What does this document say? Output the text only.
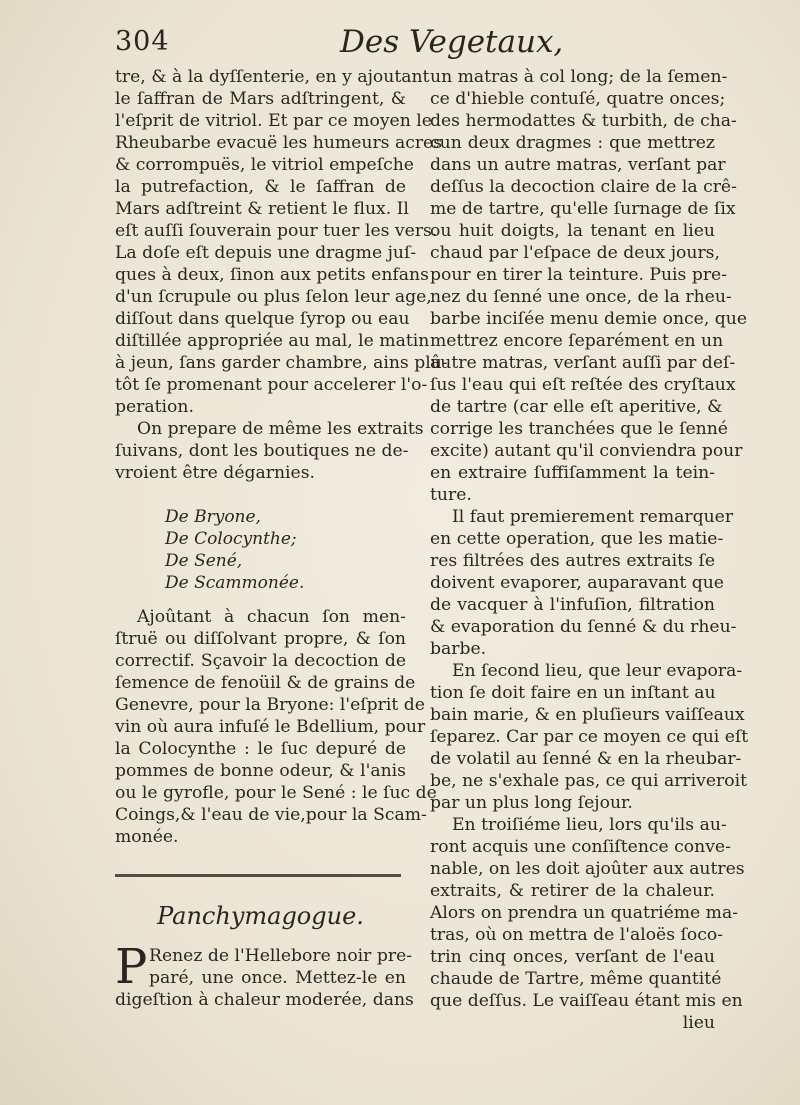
304	Des Vegetaux,
tre, & à la dyſſenterie, en y ajoutant
le ſaffran de Mars adſtringent, &
l'eſprit de vitriol. Et par ce moyen le
Rheubarbe evacuë les humeurs acres
& corrompuës, le vitriol empeſche
la putrefaction, & le ſaffran de
Mars adſtreint & retient le flux. Il
eſt auſſi ſouverain pour tuer les vers.
La doſe eſt depuis une dragme juſ-
ques à deux, ſinon aux petits enfans
d'un ſcrupule ou plus ſelon leur age,
diſſout dans quelque ſyrop ou eau
diſtillée appropriée au mal, le matin
à jeun, ſans garder chambre, ains plû-
tôt ſe promenant pour accelerer l'o-
peration.
On prepare de même les extraits
ſuivans, dont les boutiques ne de-
vroient être dégarnies.
De Bryone,
De Colocynthe;
De Sené,
De Scammonée.
Ajoûtant à chacun ſon men-
ſtruë ou diſſolvant propre, & ſon
correctif. Sçavoir la decoction de
ſemence de fenoüil & de grains de
Genevre, pour la Bryone: l'eſprit de
vin où aura infuſé le Bdellium, pour
la Colocynthe : le ſuc depuré de
pommes de bonne odeur, & l'anis
ou le gyrofle, pour le Sené : le ſuc de
Coings,& l'eau de vie,pour la Scam-
monée.
Panchymagogue.
P Renez de l'Hellebore noir pre-
paré, une once. Mettez-le en
digeſtion à chaleur moderée, dans
un matras à col long; de la ſemen-
ce d'hieble contuſé, quatre onces;
des hermodattes & turbith, de cha-
cun deux dragmes : que mettrez
dans un autre matras, verſant par
deſſus la decoction claire de la crê-
me de tartre, qu'elle ſurnage de ſix
ou huit doigts, la tenant en lieu
chaud par l'eſpace de deux jours,
pour en tirer la teinture. Puis pre-
nez du ſenné une once, de la rheu-
barbe inciſée menu demie once, que
mettrez encore ſeparément en un
autre matras, verſant auſſi par deſ-
ſus l'eau qui eſt reſtée des cryſtaux
de tartre (car elle eſt aperitive, &
corrige les tranchées que le ſenné
excite) autant qu'il conviendra pour
en extraire ſuffiſamment la tein-
ture.
Il faut premierement remarquer
en cette operation, que les matie-
res filtrées des autres extraits ſe
doivent evaporer, auparavant que
de vacquer à l'infuſion, filtration
& evaporation du ſenné & du rheu-
barbe.
En ſecond lieu, que leur evapora-
tion ſe doit faire en un inſtant au
bain marie, & en pluſieurs vaiſſeaux
ſeparez. Car par ce moyen ce qui eſt
de volatil au ſenné & en la rheubar-
be, ne s'exhale pas, ce qui arriveroit
par un plus long ſejour.
En troiſiéme lieu, lors qu'ils au-
ront acquis une conſiſtence conve-
nable, on les doit ajoûter aux autres
extraits, & retirer de la chaleur.
Alors on prendra un quatriéme ma-
tras, où on mettra de l'aloës ſoco-
trin cinq onces, verſant de l'eau
chaude de Tartre, même quantité
que deſſus. Le vaiſſeau étant mis en
lieu
